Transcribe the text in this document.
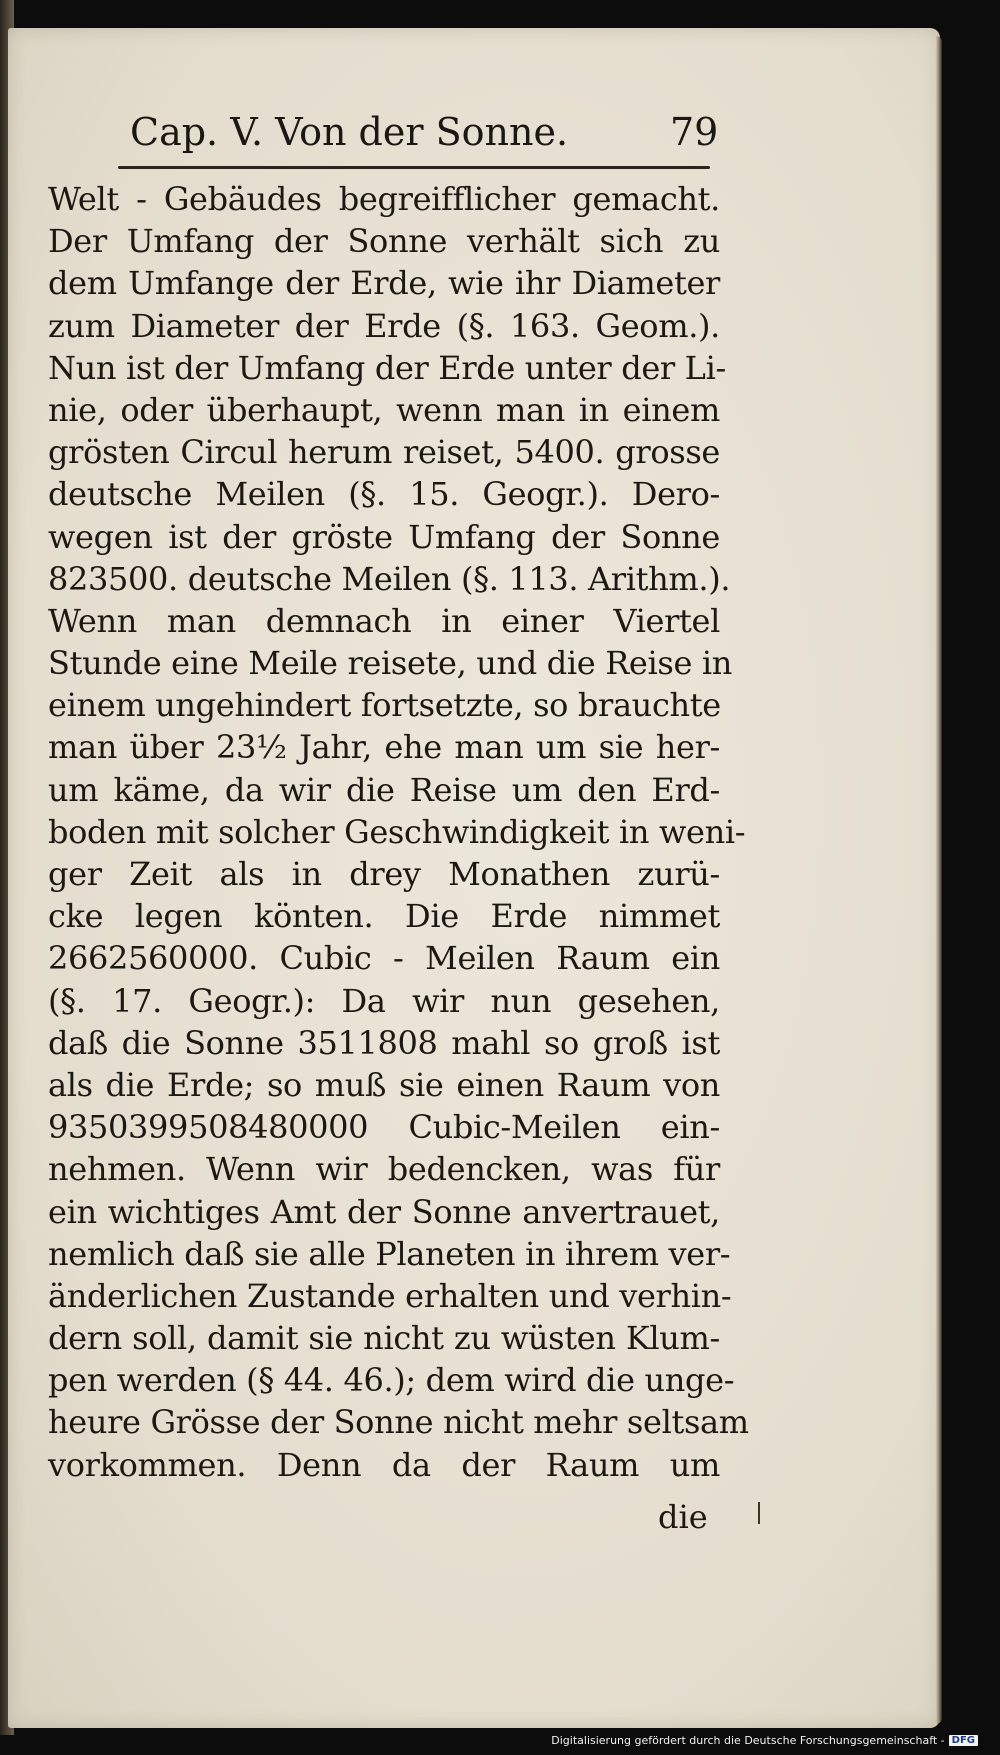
Cap. V. Von der Sonne.	79
Welt - Gebäudes begreifflicher gemacht.
Der Umfang der Sonne verhält sich zu
dem Umfange der Erde, wie ihr Diameter
zum Diameter der Erde (§. 163. Geom.).
Nun ist der Umfang der Erde unter der Li-
nie, oder überhaupt, wenn man in einem
grösten Circul herum reiset, 5400. grosse
deutsche Meilen (§. 15. Geogr.). Dero-
wegen ist der gröste Umfang der Sonne
823500. deutsche Meilen (§. 113. Arithm.).
Wenn man demnach in einer Viertel
Stunde eine Meile reisete, und die Reise in
einem ungehindert fortsetzte, so brauchte
man über 23½ Jahr, ehe man um sie her-
um käme, da wir die Reise um den Erd-
boden mit solcher Geschwindigkeit in weni-
ger Zeit als in drey Monathen zurü-
cke legen könten. Die Erde nimmet
2662560000. Cubic - Meilen Raum ein
(§. 17. Geogr.): Da wir nun gesehen,
daß die Sonne 3511808 mahl so groß ist
als die Erde; so muß sie einen Raum von
9350399508480000 Cubic-Meilen ein-
nehmen. Wenn wir bedencken, was für
ein wichtiges Amt der Sonne anvertrauet,
nemlich daß sie alle Planeten in ihrem ver-
änderlichen Zustande erhalten und verhin-
dern soll, damit sie nicht zu wüsten Klum-
pen werden (§ 44. 46.); dem wird die unge-
heure Grösse der Sonne nicht mehr seltsam
vorkommen. Denn da der Raum um
die
Digitalisierung gefördert durch die Deutsche Forschungsgemeinschaft - DFG
